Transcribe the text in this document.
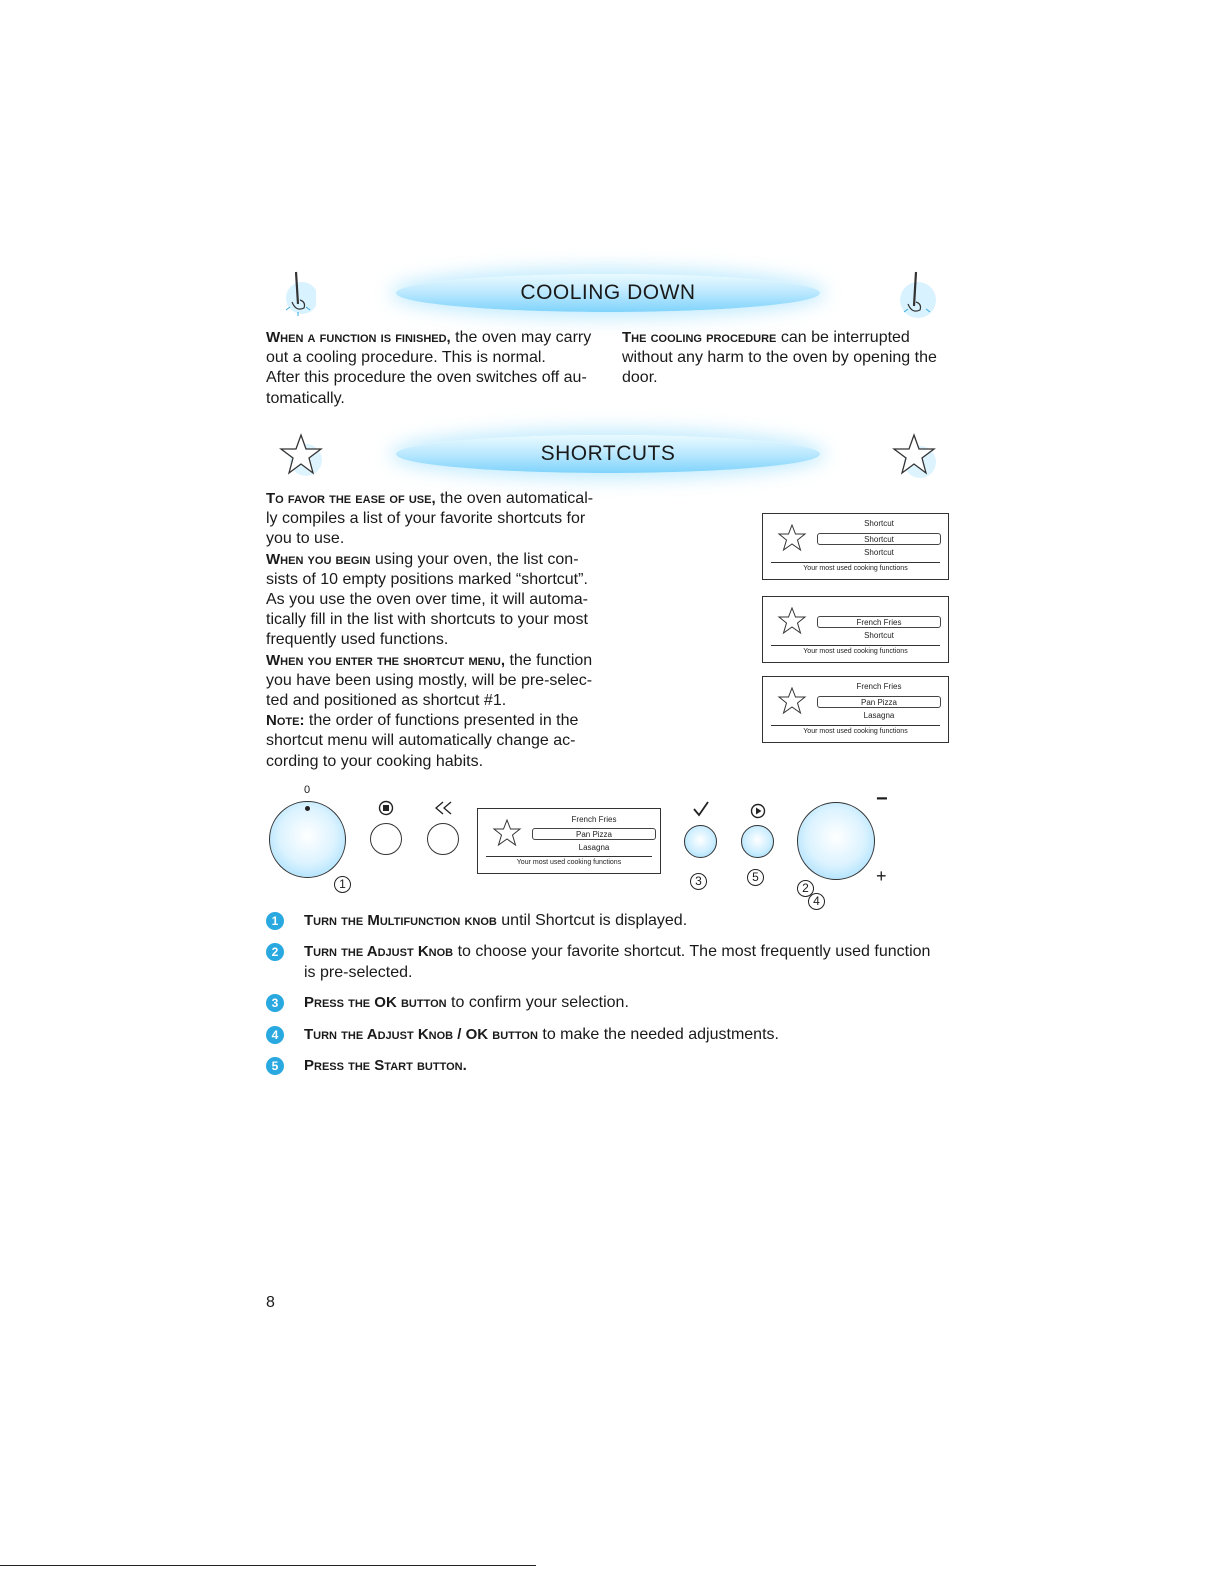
COOLING DOWN

When a function is finished, the oven may carry out a cooling procedure. This is normal.

After this procedure the oven switches off au-tomatically.

The cooling procedure can be interrupted without any harm to the oven by opening the door.

SHORTCUTS

To favor the ease of use, the oven automatical-ly compiles a list of your favorite shortcuts for you to use.

When you begin using your oven, the list con-sists of 10 empty positions marked “shortcut”. As you use the oven over time, it will automa-tically fill in the list with shortcuts to your most frequently used functions.

When you enter the shortcut menu, the function you have been using mostly, will be pre-selec-ted and positioned as shortcut #1.

Note: the order of functions presented in the shortcut menu will automatically change ac-cording to your cooking habits.

Shortcut
Shortcut
Shortcut
Your most used cooking functions
French Fries
Shortcut
Your most used cooking functions
French Fries
Pan Pizza
Lasagna
Your most used cooking functions
0
1
French Fries
Pan Pizza
Lasagna
Your most used cooking functions
3	5
−
+
2
4
1	Turn the Multifunction knob until Shortcut is displayed.
2	Turn the Adjust Knob to choose your favorite shortcut. The most frequently used function is pre-selected.
3	Press the OK button to confirm your selection.
4	Turn the Adjust Knob / OK button to make the needed adjustments.
5	Press the Start button.
8
